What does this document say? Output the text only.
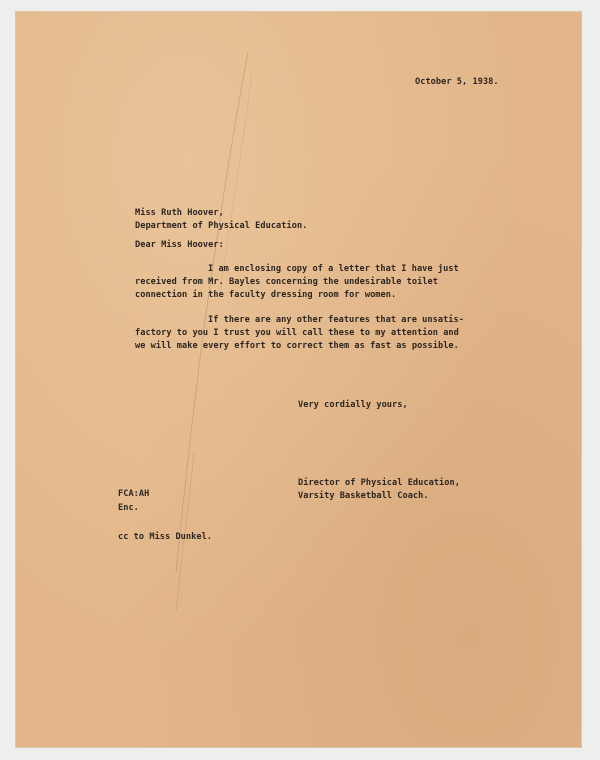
October 5, 1938.
Miss Ruth Hoover,
Department of Physical Education.
Dear Miss Hoover:
I am enclosing copy of a letter that I have just
received from Mr. Bayles concerning the undesirable toilet
connection in the faculty dressing room for women.
If there are any other features that are unsatis-
factory to you I trust you will call these to my attention and
we will make every effort to correct them as fast as possible.
Very cordially yours,
Director of Physical Education,
Varsity Basketball Coach.
FCA:AH
Enc.
cc to Miss Dunkel.
